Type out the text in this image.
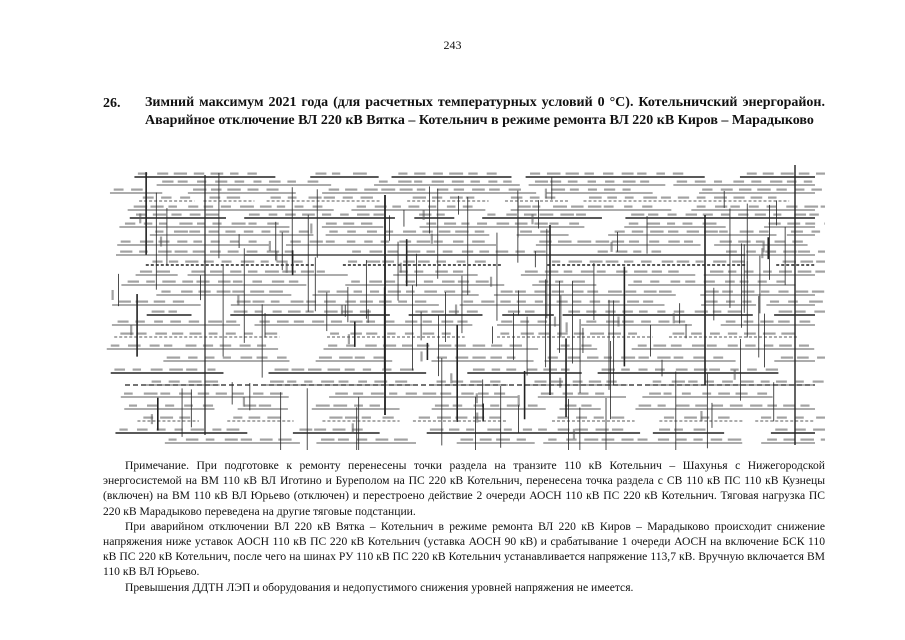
243
26. Зимний максимум 2021 года (для расчетных температурных условий 0 °С). Котельничский энергорайон. Аварийное отключение ВЛ 220 кВ Вятка – Котельнич в режиме ремонта ВЛ 220 кВ Киров – Марадыково

Примечание. При подготовке к ремонту перенесены точки раздела на транзите 110 кВ Котельнич – Шахунья с Нижегородской энергосистемой на ВМ 110 кВ ВЛ Иготино и Бурепoлом на ПС 220 кВ Котельнич, перенесена точка раздела с СВ 110 кВ ПС 110 кВ Кузнецы (включен) на ВМ 110 кВ ВЛ Юрьево (отключен) и перестроено действие 2 очереди АОСН 110 кВ ПС 220 кВ Котельнич. Тяговая нагрузка ПС 220 кВ Марадыково переведена на другие тяговые подстанции.

При аварийном отключении ВЛ 220 кВ Вятка – Котельнич в режиме ремонта ВЛ 220 кВ Киров – Марадыково происходит снижение напряжения ниже уставок АОСН 110 кВ ПС 220 кВ Котельнич (уставка АОСН 90 кВ) и срабатывание 1 очереди АОСН на включение БСК 110 кВ ПС 220 кВ Котельнич, после чего на шинах РУ 110 кВ ПС 220 кВ Котельнич устанавливается напряжение 113,7 кВ. Вручную включается ВМ 110 кВ ВЛ Юрьево.

Превышения ДДТН ЛЭП и оборудования и недопустимого снижения уровней напряжения не имеется.
